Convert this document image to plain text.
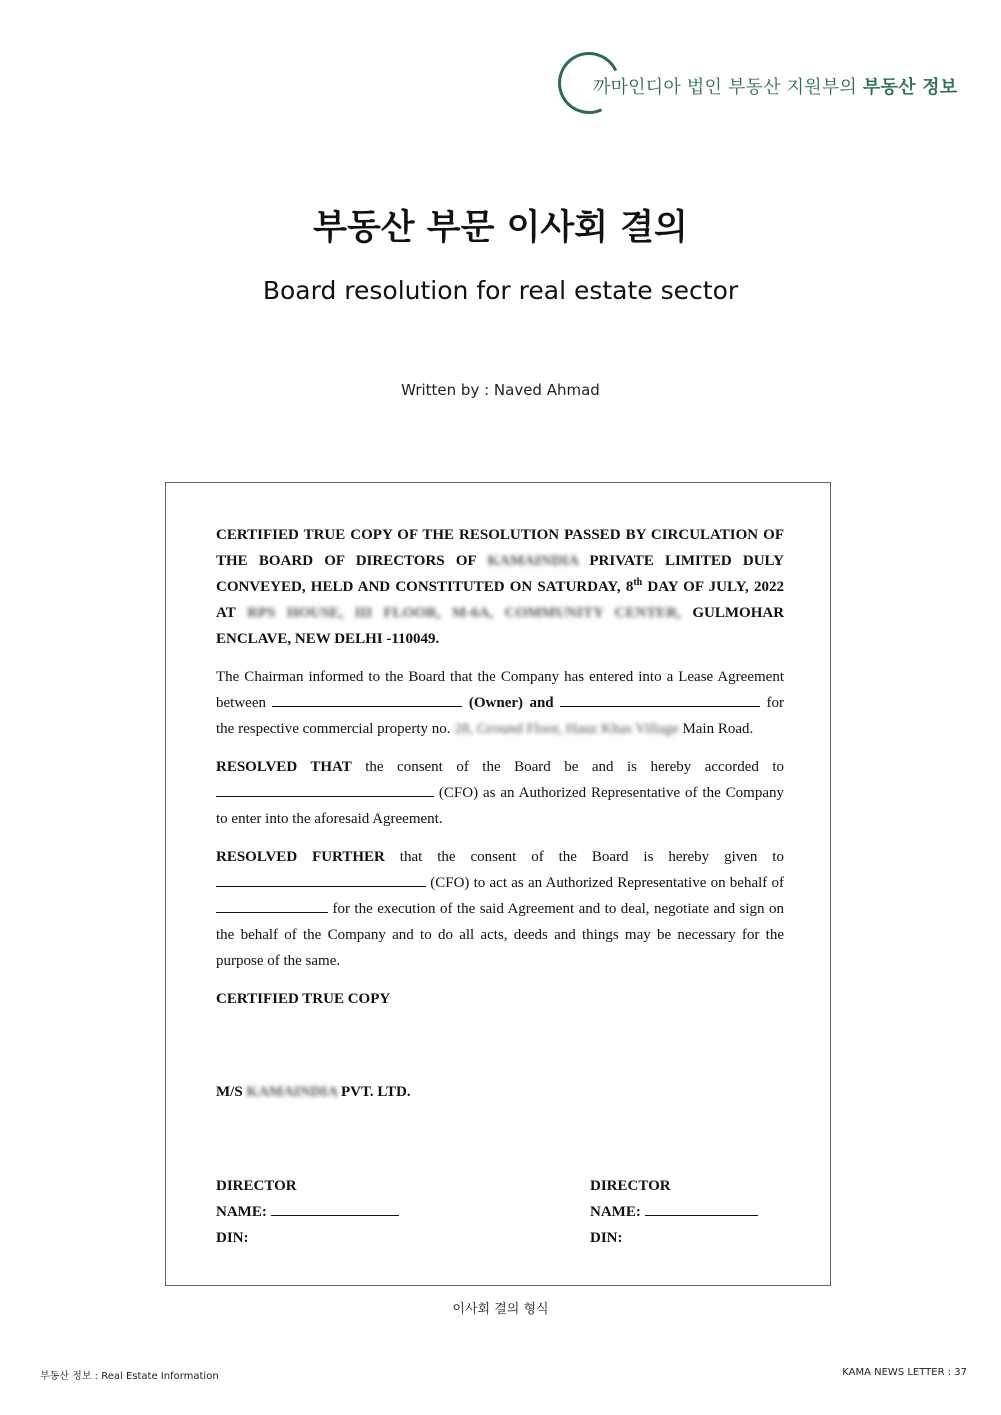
까마인디아 법인 부동산 지원부의 부동산 정보
부동산 부문 이사회 결의
Board resolution for real estate sector
Written by : Naved Ahmad

CERTIFIED TRUE COPY OF THE RESOLUTION PASSED BY CIRCULATION OF THE BOARD OF DIRECTORS OF KAMAINDIA PRIVATE LIMITED DULY CONVEYED, HELD AND CONSTITUTED ON SATURDAY, 8th DAY OF JULY, 2022 AT RPS HOUSE, III FLOOR, M-6A, COMMUNITY CENTER, GULMOHAR ENCLAVE, NEW DELHI -110049.

The Chairman informed to the Board that the Company has entered into a Lease Agreement between	(Owner) and	for the respective commercial property no. 28, Ground Floor, Hauz Khas Village Main Road.

RESOLVED THAT the consent of the Board be and is hereby accorded to  (CFO) as an Authorized Representative of the Company to enter into the aforesaid Agreement.

RESOLVED FURTHER that the consent of the Board is hereby given to  (CFO) to act as an Authorized Representative on behalf of  for the execution of the said Agreement and to deal, negotiate and sign on the behalf of the Company and to do all acts, deeds and things may be necessary for the purpose of the same.

CERTIFIED TRUE COPY

M/S KAMAINDIA PVT. LTD.

DIRECTOR
NAME:
DIN:
DIRECTOR
NAME:
DIN:
이사회 결의 형식
부동산 정보 : Real Estate Information	KAMA NEWS LETTER : 37
